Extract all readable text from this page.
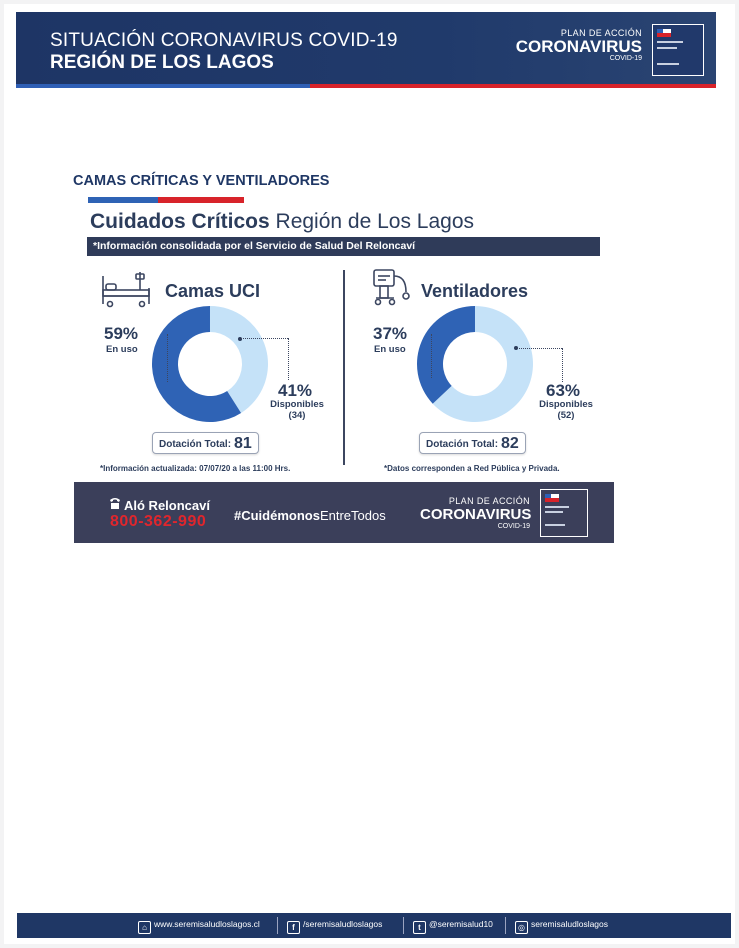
SITUACIÓN CORONAVIRUS COVID-19
REGIÓN DE LOS LAGOS
PLAN DE ACCIÓN
CORONAVIRUS
COVID-19
CAMAS CRÍTICAS Y VENTILADORES
Cuidados Críticos Región de Los Lagos
*Información consolidada por el Servicio de Salud Del Reloncaví
Camas UCI
59%
En uso
41%
Disponibles
(34)
Dotación Total: 81
*Información actualizada: 07/07/20 a las 11:00 Hrs.
Ventiladores
37%
En uso
63%
Disponibles
(52)
Dotación Total: 82
*Datos corresponden a Red Pública y Privada.
Aló Reloncaví
800-362-990 #CuidémonosEntreTodos
PLAN DE ACCIÓN
CORONAVIRUS
COVID-19
⌂ www.seremisaludloslagos.cl	f /seremisaludloslagos	t @seremisalud10	◎ seremisaludloslagos
